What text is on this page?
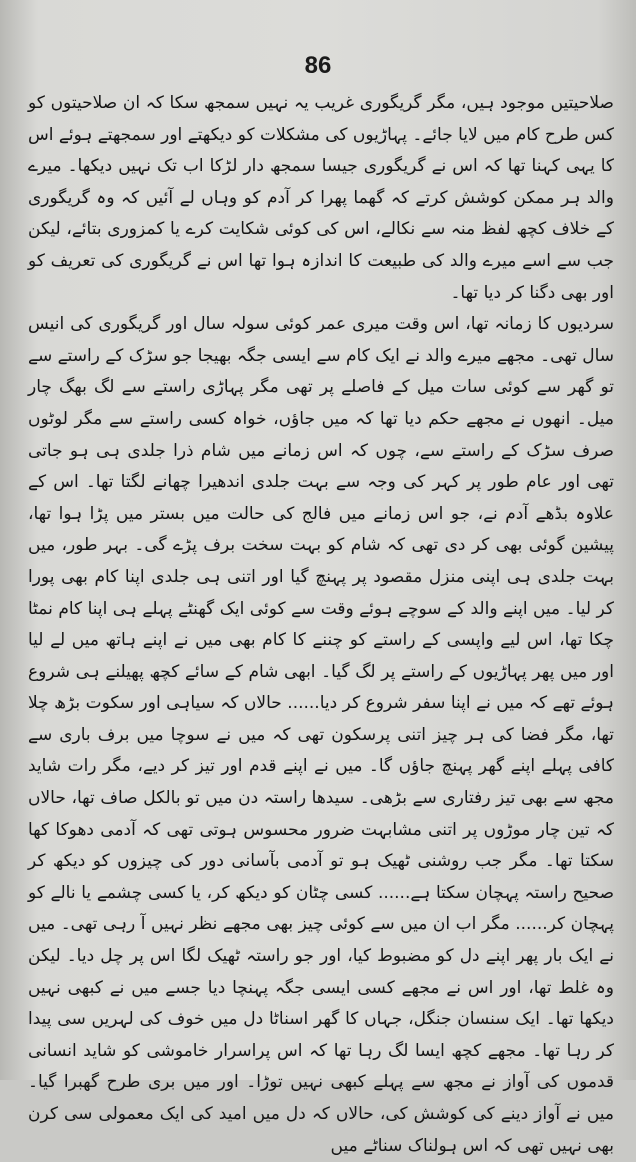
86

صلاحیتیں موجود ہیں، مگر گریگوری غریب یہ نہیں سمجھ سکا کہ ان صلاحیتوں کو کس طرح کام میں لایا جائے۔ پہاڑیوں کی مشکلات کو دیکھتے اور سمجھتے ہوئے اس کا یہی کہنا تھا کہ اس نے گریگوری جیسا سمجھ دار لڑکا اب تک نہیں دیکھا۔ میرے والد ہر ممکن کوشش کرتے کہ گھما پھرا کر آدم کو وہاں لے آئیں کہ وہ گریگوری کے خلاف کچھ لفظ منہ سے نکالے، اس کی کوئی شکایت کرے یا کمزوری بتائے، لیکن جب سے اسے میرے والد کی طبیعت کا اندازہ ہوا تھا اس نے گریگوری کی تعریف کو اور بھی دگنا کر دیا تھا۔

سردیوں کا زمانہ تھا، اس وقت میری عمر کوئی سولہ سال اور گریگوری کی انیس سال تھی۔ مجھے میرے والد نے ایک کام سے ایسی جگہ بھیجا جو سڑک کے راستے سے تو گھر سے کوئی سات میل کے فاصلے پر تھی مگر پہاڑی راستے سے لگ بھگ چار میل۔ انھوں نے مجھے حکم دیا تھا کہ میں جاؤں، خواہ کسی راستے سے مگر لوٹوں صرف سڑک کے راستے سے، چوں کہ اس زمانے میں شام ذرا جلدی ہی ہو جاتی تھی اور عام طور پر کہر کی وجہ سے بہت جلدی اندھیرا چھانے لگتا تھا۔ اس کے علاوہ بڈھے آدم نے، جو اس زمانے میں فالج کی حالت میں بستر میں پڑا ہوا تھا، پیشین گوئی بھی کر دی تھی کہ شام کو بہت سخت برف پڑے گی۔ بہر طور، میں بہت جلدی ہی اپنی منزل مقصود پر پہنچ گیا اور اتنی ہی جلدی اپنا کام بھی پورا کر لیا۔ میں اپنے والد کے سوچے ہوئے وقت سے کوئی ایک گھنٹے پہلے ہی اپنا کام نمٹا چکا تھا، اس لیے واپسی کے راستے کو چننے کا کام بھی میں نے اپنے ہاتھ میں لے لیا اور میں پھر پہاڑیوں کے راستے پر لگ گیا۔ ابھی شام کے سائے کچھ پھیلنے ہی شروع ہوئے تھے کہ میں نے اپنا سفر شروع کر دیا...... حالاں کہ سیاہی اور سکوت بڑھ چلا تھا، مگر فضا کی ہر چیز اتنی پرسکون تھی کہ میں نے سوچا میں برف باری سے کافی پہلے اپنے گھر پہنچ جاؤں گا۔ میں نے اپنے قدم اور تیز کر دیے، مگر رات شاید مجھ سے بھی تیز رفتاری سے بڑھی۔ سیدھا راستہ دن میں تو بالکل صاف تھا، حالاں کہ تین چار موڑوں پر اتنی مشابہت ضرور محسوس ہوتی تھی کہ آدمی دھوکا کھا سکتا تھا۔ مگر جب روشنی ٹھیک ہو تو آدمی بآسانی دور کی چیزوں کو دیکھ کر صحیح راستہ پہچان سکتا ہے...... کسی چٹان کو دیکھ کر، یا کسی چشمے یا نالے کو پہچان کر...... مگر اب ان میں سے کوئی چیز بھی مجھے نظر نہیں آ رہی تھی۔ میں نے ایک بار پھر اپنے دل کو مضبوط کیا، اور جو راستہ ٹھیک لگا اس پر چل دیا۔ لیکن وہ غلط تھا، اور اس نے مجھے کسی ایسی جگہ پہنچا دیا جسے میں نے کبھی نہیں دیکھا تھا۔ ایک سنسان جنگل، جہاں کا گھر اسناٹا دل میں خوف کی لہریں سی پیدا کر رہا تھا۔ مجھے کچھ ایسا لگ رہا تھا کہ اس پراسرار خاموشی کو شاید انسانی قدموں کی آواز نے مجھ سے پہلے کبھی نہیں توڑا۔ اور میں بری طرح گھبرا گیا۔ میں نے آواز دینے کی کوشش کی، حالاں کہ دل میں امید کی ایک معمولی سی کرن بھی نہیں تھی کہ اس ہولناک سناٹے میں
